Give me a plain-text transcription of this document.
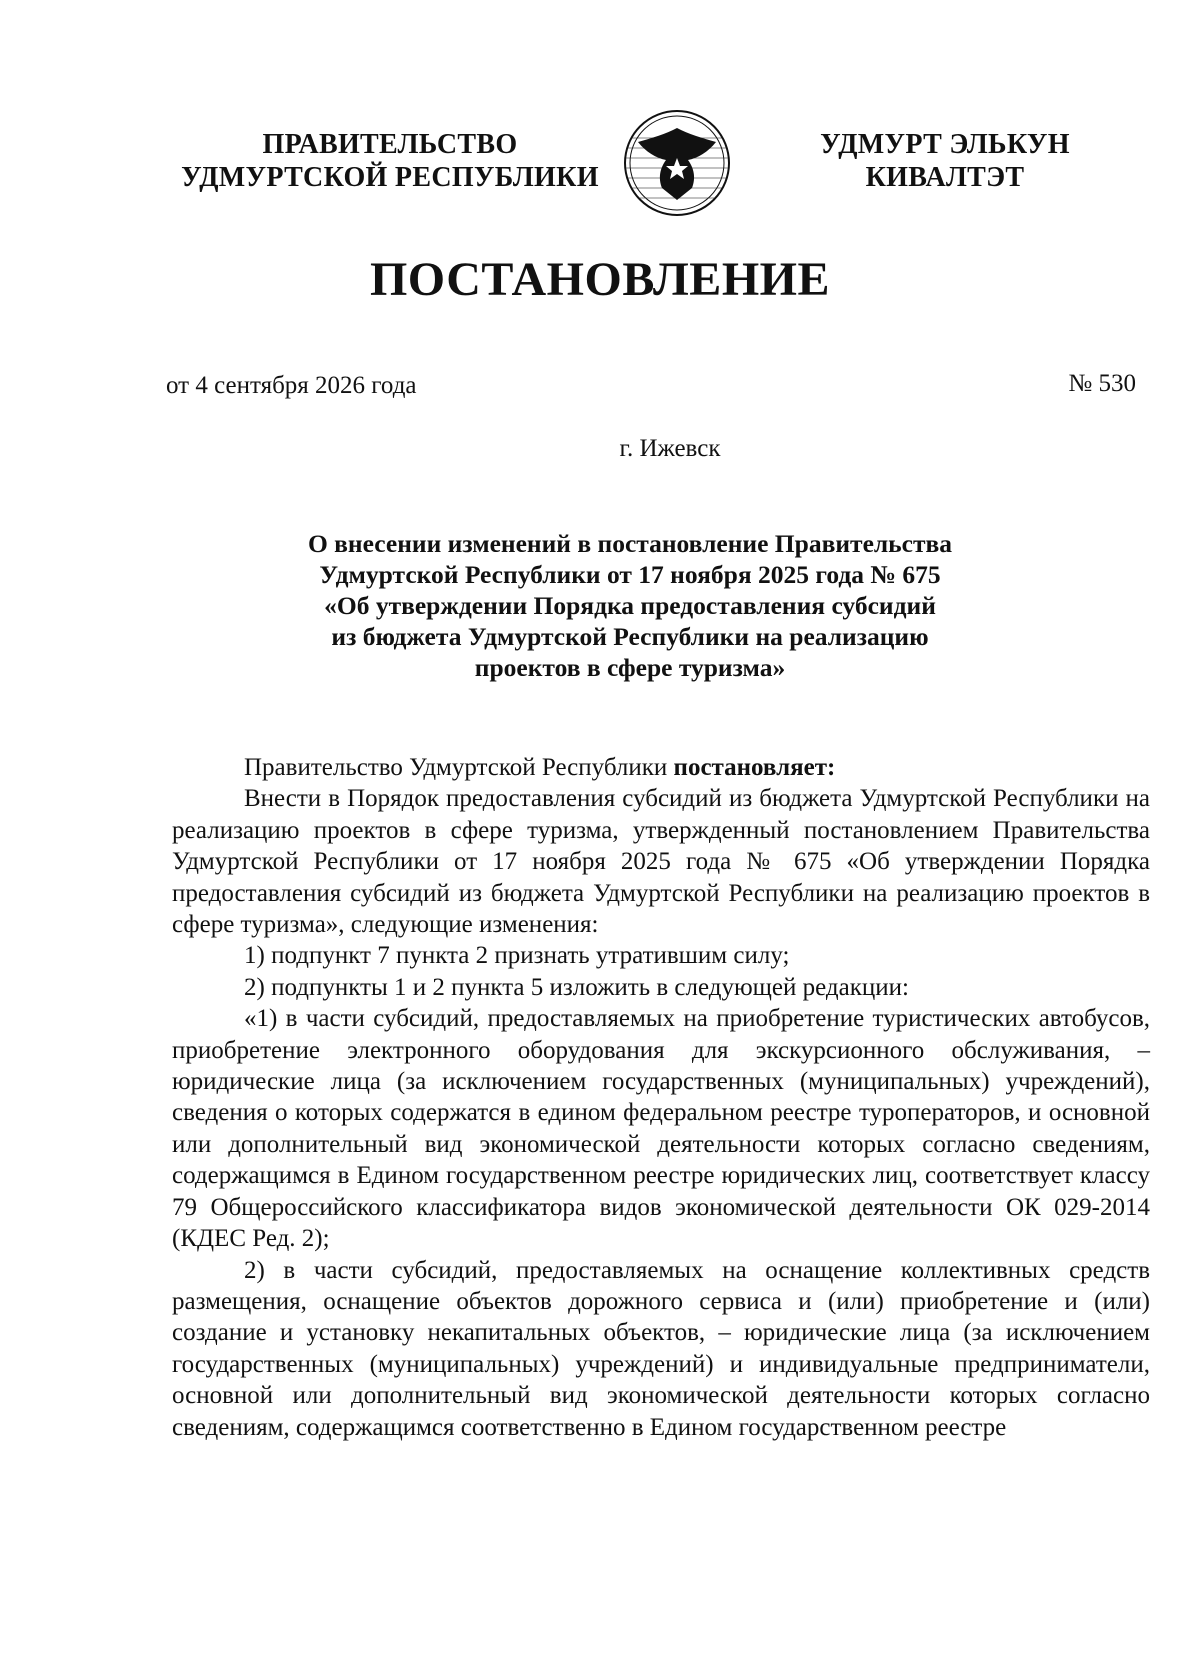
ПРАВИТЕЛЬСТВО
УДМУРТСКОЙ РЕСПУБЛИКИ
УДМУРТ ЭЛЬКУН
КИВАЛТЭТ
ПОСТАНОВЛЕНИЕ
от 4 сентября 2026 года	№ 530
г. Ижевск
О внесении изменений в постановление Правительства
Удмуртской Республики от 17 ноября 2025 года № 675
«Об утверждении Порядка предоставления субсидий
из бюджета Удмуртской Республики на реализацию
проектов в сфере туризма»

Правительство Удмуртской Республики постановляет:

Внести в Порядок предоставления субсидий из бюджета Удмуртской Республики на реализацию проектов в сфере туризма, утвержденный постановлением Правительства Удмуртской Республики от 17 ноября 2025 года № 675 «Об утверждении Порядка предоставления субсидий из бюджета Удмуртской Республики на реализацию проектов в сфере туризма», следующие изменения:

1) подпункт 7 пункта 2 признать утратившим силу;

2) подпункты 1 и 2 пункта 5 изложить в следующей редакции:

«1) в части субсидий, предоставляемых на приобретение туристических автобусов, приобретение электронного оборудования для экскурсионного обслуживания, – юридические лица (за исключением государственных (муниципальных) учреждений), сведения о которых содержатся в едином федеральном реестре туроператоров, и основной или дополнительный вид экономической деятельности которых согласно сведениям, содержащимся в Едином государственном реестре юридических лиц, соответствует классу 79 Общероссийского классификатора видов экономической деятельности ОК 029-2014 (КДЕС Ред. 2);

2) в части субсидий, предоставляемых на оснащение коллективных средств размещения, оснащение объектов дорожного сервиса и (или) приобретение и (или) создание и установку некапитальных объектов, – юридические лица (за исключением государственных (муниципальных) учреждений) и индивидуальные предприниматели, основной или дополнительный вид экономической деятельности которых согласно сведениям, содержащимся соответственно в Едином государственном реестре
